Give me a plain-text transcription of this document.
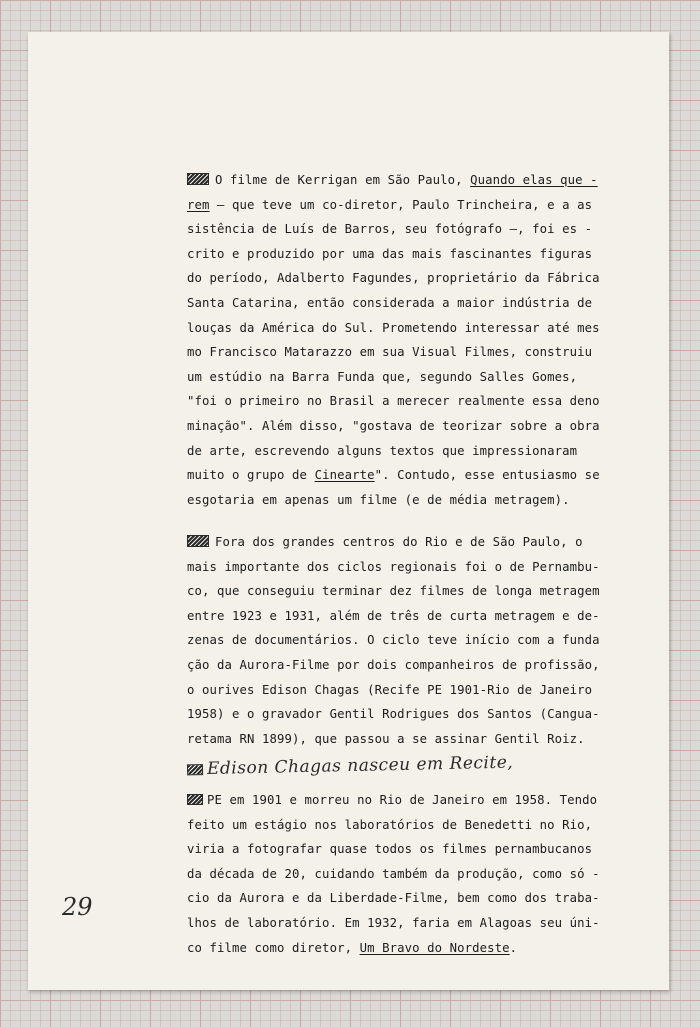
O filme de Kerrigan em São Paulo, Quando elas que -
rem — que teve um co-diretor, Paulo Trincheira, e a as
sistência de Luís de Barros, seu fotógrafo —, foi es -
crito e produzido por uma das mais fascinantes figuras
do período, Adalberto Fagundes, proprietário da Fábrica
Santa Catarina, então considerada a maior indústria de
louças da América do Sul. Prometendo interessar até mes
mo Francisco Matarazzo em sua Visual Filmes, construiu
um estúdio na Barra Funda que, segundo Salles Gomes,
"foi o primeiro no Brasil a merecer realmente essa deno
minação". Além disso, "gostava de teorizar sobre a obra
de arte, escrevendo alguns textos que impressionaram
muito o grupo de Cinearte". Contudo, esse entusiasmo se
esgotaria em apenas um filme (e de média metragem).
Fora dos grandes centros do Rio e de São Paulo, o
mais importante dos ciclos regionais foi o de Pernambu-
co, que conseguiu terminar dez filmes de longa metragem
entre 1923 e 1931, além de três de curta metragem e de-
zenas de documentários. O ciclo teve início com a funda
ção da Aurora-Filme por dois companheiros de profissão,
o ourives Edison Chagas (Recife PE 1901-Rio de Janeiro
1958) e o gravador Gentil Rodrigues dos Santos (Cangua-
retama RN 1899), que passou a se assinar Gentil Roiz.
Edison Chagas nasceu em Recite,
PE em 1901 e morreu no Rio de Janeiro em 1958. Tendo
feito um estágio nos laboratórios de Benedetti no Rio,
viria a fotografar quase todos os filmes pernambucanos
da década de 20, cuidando também da produção, como só -
cio da Aurora e da Liberdade-Filme, bem como dos traba-
lhos de laboratório. Em 1932, faria em Alagoas seu úni-
co filme como diretor, Um Bravo do Nordeste.
29
